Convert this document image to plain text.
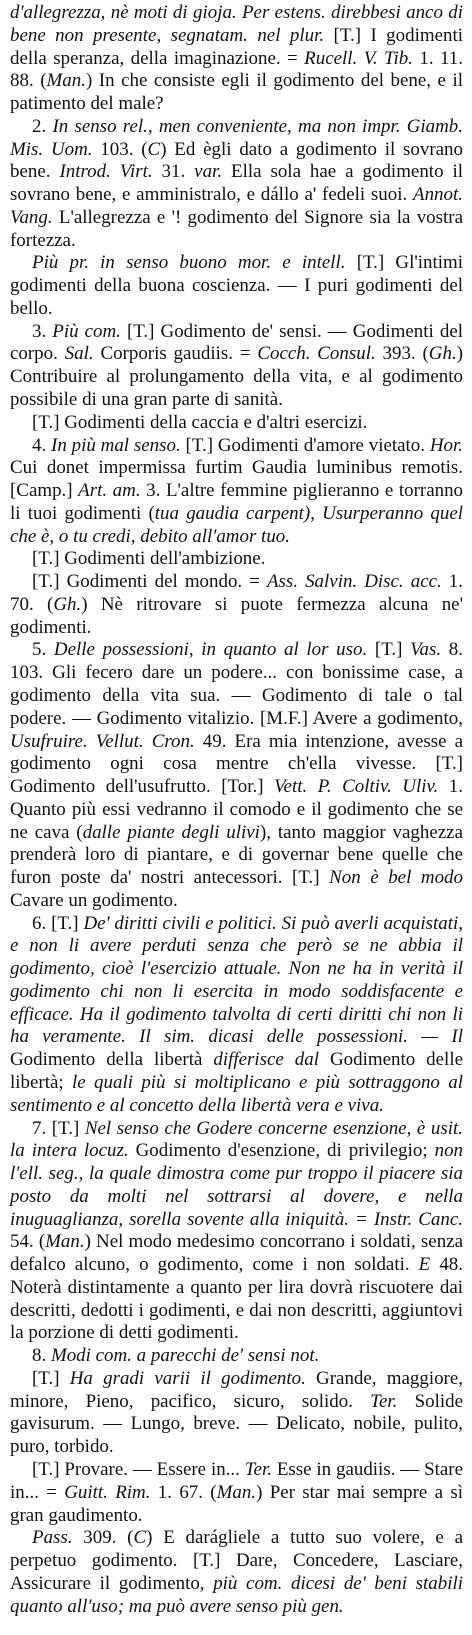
d'allegrezza, nè moti di gioja. Per estens. direbbesi anco di bene non presente, segnatam. nel plur. [T.] I godimenti della speranza, della imaginazione. = Rucell. V. Tib. 1. 11. 88. (Man.) In che consiste egli il godimento del bene, e il patimento del male?

2. In senso rel., men conveniente, ma non impr. Giamb. Mis. Uom. 103. (C) Ed ègli dato a godimento il sovrano bene. Introd. Virt. 31. var. Ella sola hae a godimento il sovrano bene, e amministralo, e dállo a' fedeli suoi. Annot. Vang. L'allegrezza e '! godimento del Signore sia la vostra fortezza.

Più pr. in senso buono mor. e intell. [T.] Gl'intimi godimenti della buona coscienza. — I puri godimenti del bello.

3. Più com. [T.] Godimento de' sensi. — Godimenti del corpo. Sal. Corporis gaudiis. = Cocch. Consul. 393. (Gh.) Contribuire al prolungamento della vita, e al godimento possibile di una gran parte di sanità.

[T.] Godimenti della caccia e d'altri esercizi.

4. In più mal senso. [T.] Godimenti d'amore vietato. Hor. Cui donet impermissa furtim Gaudia luminibus remotis. [Camp.] Art. am. 3. L'altre femmine piglieranno e torranno li tuoi godimenti (tua gaudia carpent), Usurperanno quel che è, o tu credi, debito all'amor tuo.

[T.] Godimenti dell'ambizione.

[T.] Godimenti del mondo. = Ass. Salvin. Disc. acc. 1. 70. (Gh.) Nè ritrovare si puote fermezza alcuna ne' godimenti.

5. Delle possessioni, in quanto al lor uso. [T.] Vas. 8. 103. Gli fecero dare un podere... con bonissime case, a godimento della vita sua. — Godimento di tale o tal podere. — Godimento vitalizio. [M.F.] Avere a godimento, Usufruire. Vellut. Cron. 49. Era mia intenzione, avesse a godimento ogni cosa mentre ch'ella vivesse. [T.] Godimento dell'usufrutto. [Tor.] Vett. P. Coltiv. Uliv. 1. Quanto più essi vedranno il comodo e il godimento che se ne cava (dalle piante degli ulivi), tanto maggior vaghezza prenderà loro di piantare, e di governar bene quelle che furon poste da' nostri antecessori. [T.] Non è bel modo Cavare un godimento.

6. [T.] De' diritti civili e politici. Si può averli acquistati, e non li avere perduti senza che però se ne abbia il godimento, cioè l'esercizio attuale. Non ne ha in verità il godimento chi non li esercita in modo soddisfacente e efficace. Ha il godimento talvolta di certi diritti chi non li ha veramente. Il sim. dicasi delle possessioni. — Il Godimento della libertà differisce dal Godimento delle libertà; le quali più si moltiplicano e più sottraggono al sentimento e al concetto della libertà vera e viva.

7. [T.] Nel senso che Godere concerne esenzione, è usit. la intera locuz. Godimento d'esenzione, di privilegio; non l'ell. seg., la quale dimostra come pur troppo il piacere sia posto da molti nel sottrarsi al dovere, e nella inuguaglianza, sorella sovente alla iniquità. = Instr. Canc. 54. (Man.) Nel modo medesimo concorrano i soldati, senza defalco alcuno, o godimento, come i non soldati. E 48. Noterà distintamente a quanto per lira dovrà riscuotere dai descritti, dedotti i godimenti, e dai non descritti, aggiuntovi la porzione di detti godimenti.

8. Modi com. a parecchi de' sensi not.

[T.] Ha gradi varii il godimento. Grande, maggiore, minore, Pieno, pacifico, sicuro, solido. Ter. Solide gavisurum. — Lungo, breve. — Delicato, nobile, pulito, puro, torbido.

[T.] Provare. — Essere in... Ter. Esse in gaudiis. — Stare in... = Guitt. Rim. 1. 67. (Man.) Per star mai sempre a sì gran gaudimento.

Pass. 309. (C) E darágliele a tutto suo volere, e a perpetuo godimento. [T.] Dare, Concedere, Lasciare, Assicurare il godimento, più com. dicesi de' beni stabili quanto all'uso; ma può avere senso più gen.
